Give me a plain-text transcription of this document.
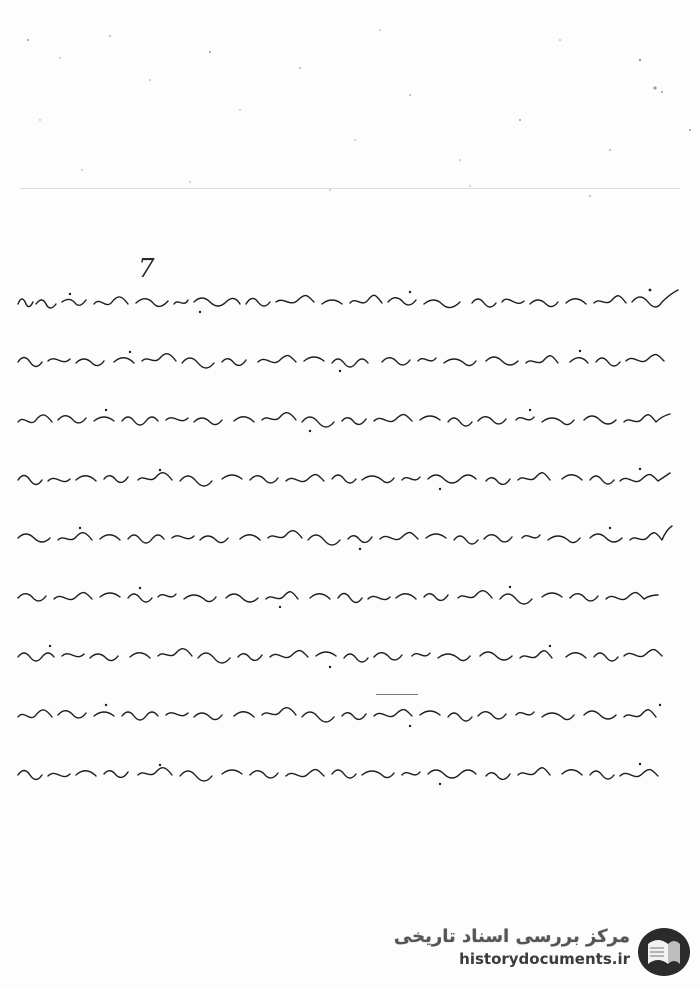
7
مرکز بررسی اسناد تاریخی
historydocuments.ir
